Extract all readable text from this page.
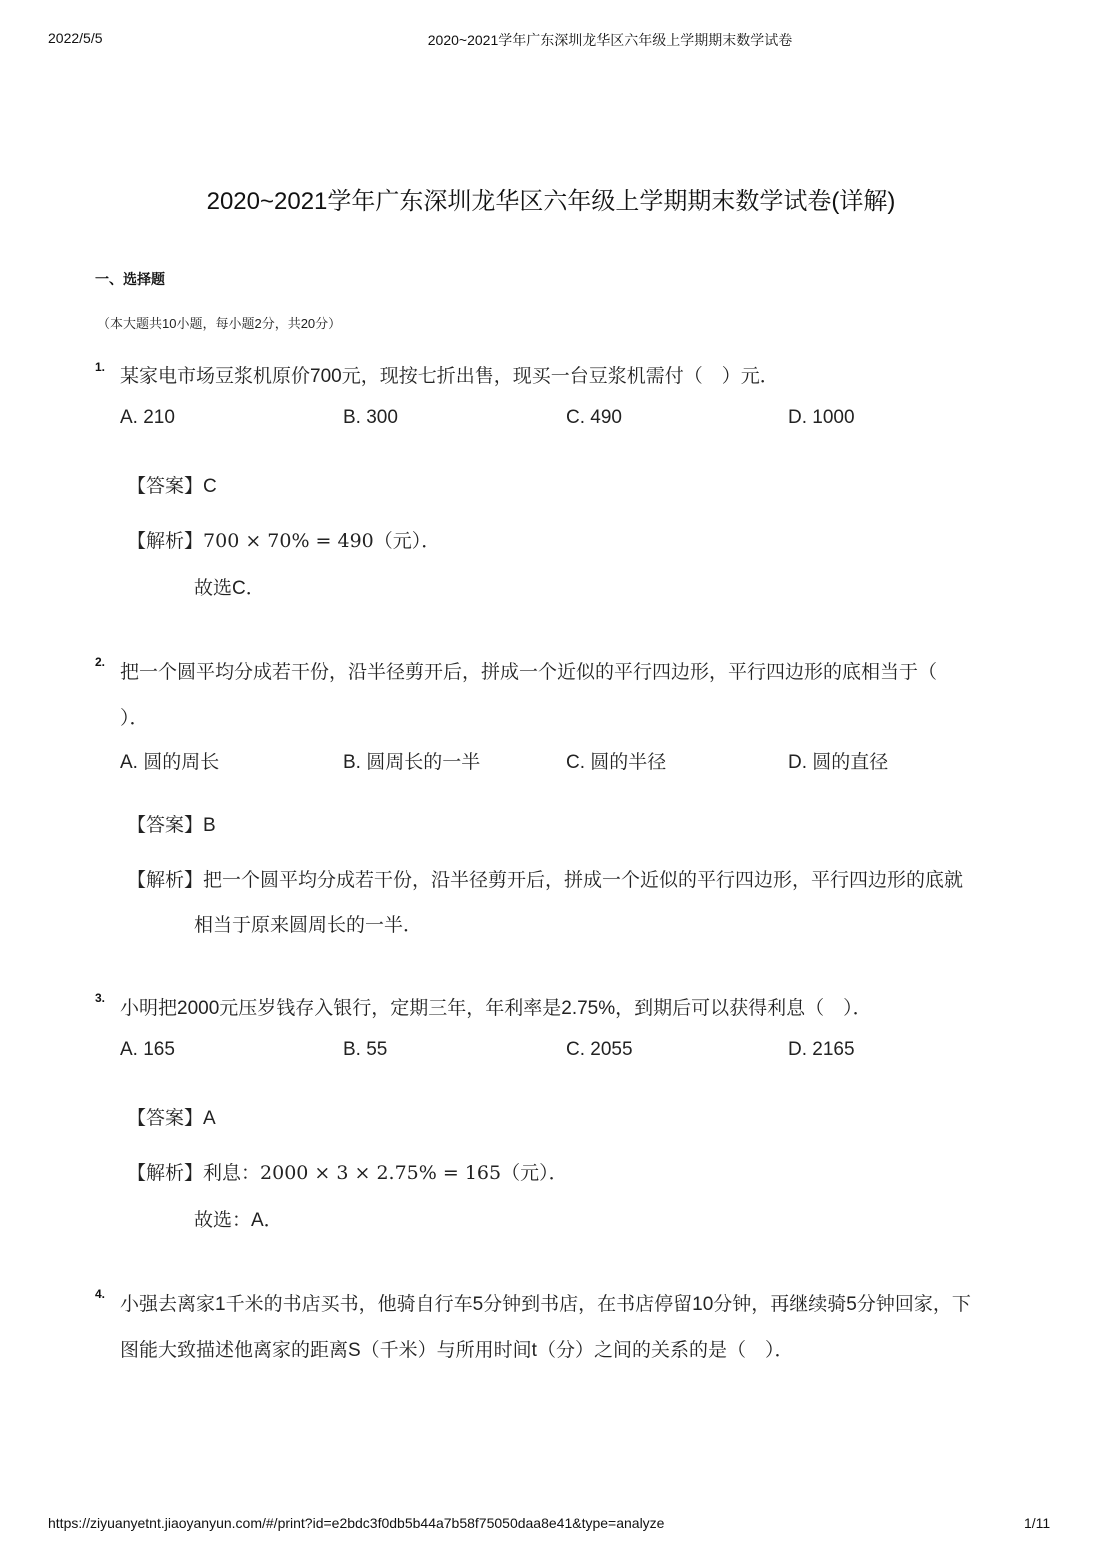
2022/5/5	2020~2021学年广东深圳龙华区六年级上学期期末数学试卷
2020~2021学年广东深圳龙华区六年级上学期期末数学试卷(详解)
一、选择题
（本大题共10小题，每小题2分，共20分）
1. 某家电市场豆浆机原价700元，现按七折出售，现买一台豆浆机需付（　）元．
A. 210	B. 300	C. 490	D. 1000
【答案】C
【解析】700 × 70% = 490（元）．
故选C．
2. 把一个圆平均分成若干份，沿半径剪开后，拼成一个近似的平行四边形，平行四边形的底相当于（
）．
A. 圆的周长	B. 圆周长的一半	C. 圆的半径	D. 圆的直径
【答案】B
【解析】把一个圆平均分成若干份，沿半径剪开后，拼成一个近似的平行四边形，平行四边形的底就
相当于原来圆周长的一半．
3. 小明把2000元压岁钱存入银行，定期三年，年利率是2.75%，到期后可以获得利息（　）．
A. 165	B. 55	C. 2055	D. 2165
【答案】A
【解析】利息：2000 × 3 × 2.75% = 165（元）．
故选：A．
4. 小强去离家1千米的书店买书，他骑自行车5分钟到书店，在书店停留10分钟，再继续骑5分钟回家，下
图能大致描述他离家的距离S（千米）与所用时间t（分）之间的关系的是（　）．
https://ziyuanyetnt.jiaoyanyun.com/#/print?id=e2bdc3f0db5b44a7b58f75050daa8e41&type=analyze	1/11
